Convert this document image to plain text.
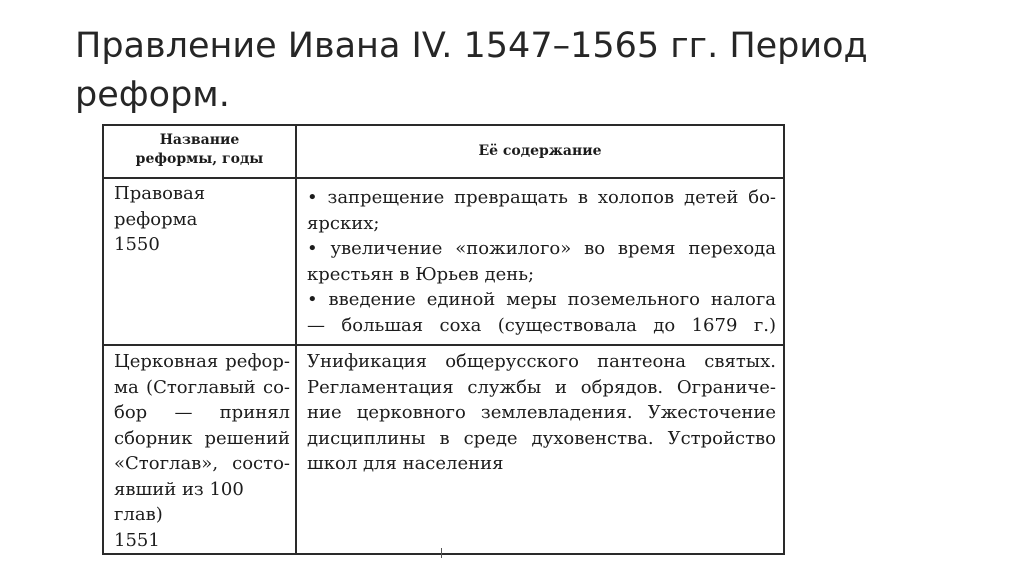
Правление Ивана IV. 1547–1565 гг. Период
реформ.
Название
реформы, годы	Её содержание

Правовая

реформа

1550

• запрещение превращать в холопов детей бо-

ярских;

• увеличение «пожилого» во время перехода

крестьян в Юрьев день;

• введение единой меры поземельного налога

— большая соха (существовала до 1679 г.)

Церковная рефор-

ма (Стоглавый со-

бор — принял

сборник решений

«Стоглав», состо-

явший из 100

глав)

1551

Унификация общерусского пантеона святых.

Регламентация службы и обрядов. Ограниче-

ние церковного землевладения. Ужесточение

дисциплины в среде духовенства. Устройство

школ для населения
